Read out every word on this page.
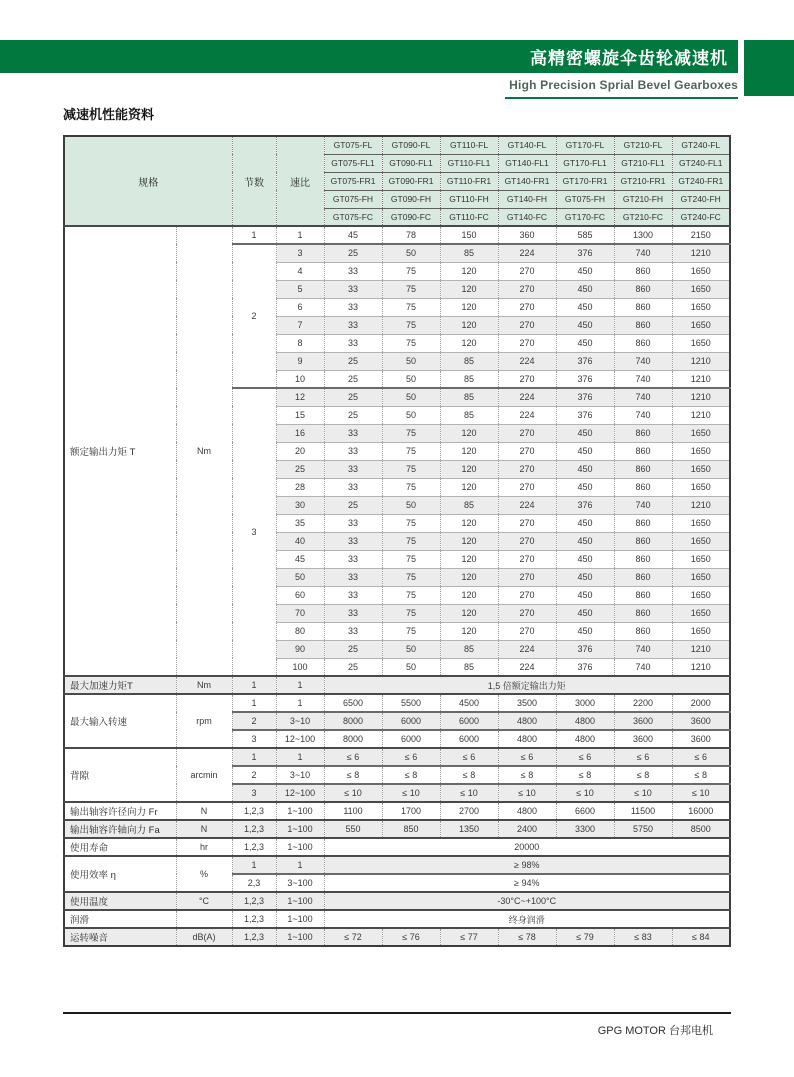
高精密螺旋伞齿轮减速机
High Precision Sprial Bevel Gearboxes
减速机性能资料
规格		节数	速比	GT075-FL	GT090-FL	GT110-FL	GT140-FL	GT170-FL	GT210-FL	GT240-FL
				GT075-FL1	GT090-FL1	GT110-FL1	GT140-FL1	GT170-FL1	GT210-FL1	GT240-FL1
				GT075-FR1	GT090-FR1	GT110-FR1	GT140-FR1	GT170-FR1	GT210-FR1	GT240-FR1
				GT075-FH	GT090-FH	GT110-FH	GT140-FH	GT075-FH	GT210-FH	GT240-FH
				GT075-FC	GT090-FC	GT110-FC	GT140-FC	GT170-FC	GT210-FC	GT240-FC
额定输出力矩 T	Nm	1	1	45	78	150	360	585	1300	2150
		2	3	25	50	85	224	376	740	1210
			4	33	75	120	270	450	860	1650
			5	33	75	120	270	450	860	1650
			6	33	75	120	270	450	860	1650
			7	33	75	120	270	450	860	1650
			8	33	75	120	270	450	860	1650
			9	25	50	85	224	376	740	1210
			10	25	50	85	270	376	740	1210
		3	12	25	50	85	224	376	740	1210
			15	25	50	85	224	376	740	1210
			16	33	75	120	270	450	860	1650
			20	33	75	120	270	450	860	1650
			25	33	75	120	270	450	860	1650
			28	33	75	120	270	450	860	1650
			30	25	50	85	224	376	740	1210
			35	33	75	120	270	450	860	1650
			40	33	75	120	270	450	860	1650
			45	33	75	120	270	450	860	1650
			50	33	75	120	270	450	860	1650
			60	33	75	120	270	450	860	1650
			70	33	75	120	270	450	860	1650
			80	33	75	120	270	450	860	1650
			90	25	50	85	224	376	740	1210
			100	25	50	85	224	376	740	1210
最大加速力矩T	Nm	1	1	1,5 倍额定输出力矩						
最大输入转速	rpm	1	1	6500	5500	4500	3500	3000	2200	2000
		2	3~10	8000	6000	6000	4800	4800	3600	3600
		3	12~100	8000	6000	6000	4800	4800	3600	3600
背隙	arcmin	1	1	≤ 6	≤ 6	≤ 6	≤ 6	≤ 6	≤ 6	≤ 6
		2	3~10	≤ 8	≤ 8	≤ 8	≤ 8	≤ 8	≤ 8	≤ 8
		3	12~100	≤ 10	≤ 10	≤ 10	≤ 10	≤ 10	≤ 10	≤ 10
输出轴容许径向力 Fr	N	1,2,3	1~100	1100	1700	2700	4800	6600	11500	16000
输出轴容许轴向力 Fa	N	1,2,3	1~100	550	850	1350	2400	3300	5750	8500
使用寿命	hr	1,2,3	1~100	20000						
使用效率 η	%	1	1	≥ 98%						
		2,3	3~100	≥ 94%						
使用温度	°C	1,2,3	1~100	-30°C~+100°C						
润滑		1,2,3	1~100	终身润滑						
运转噪音	dB(A)	1,2,3	1~100	≤ 72	≤ 76	≤ 77	≤ 78	≤ 79	≤ 83	≤ 84
GPG MOTOR 台邦电机
